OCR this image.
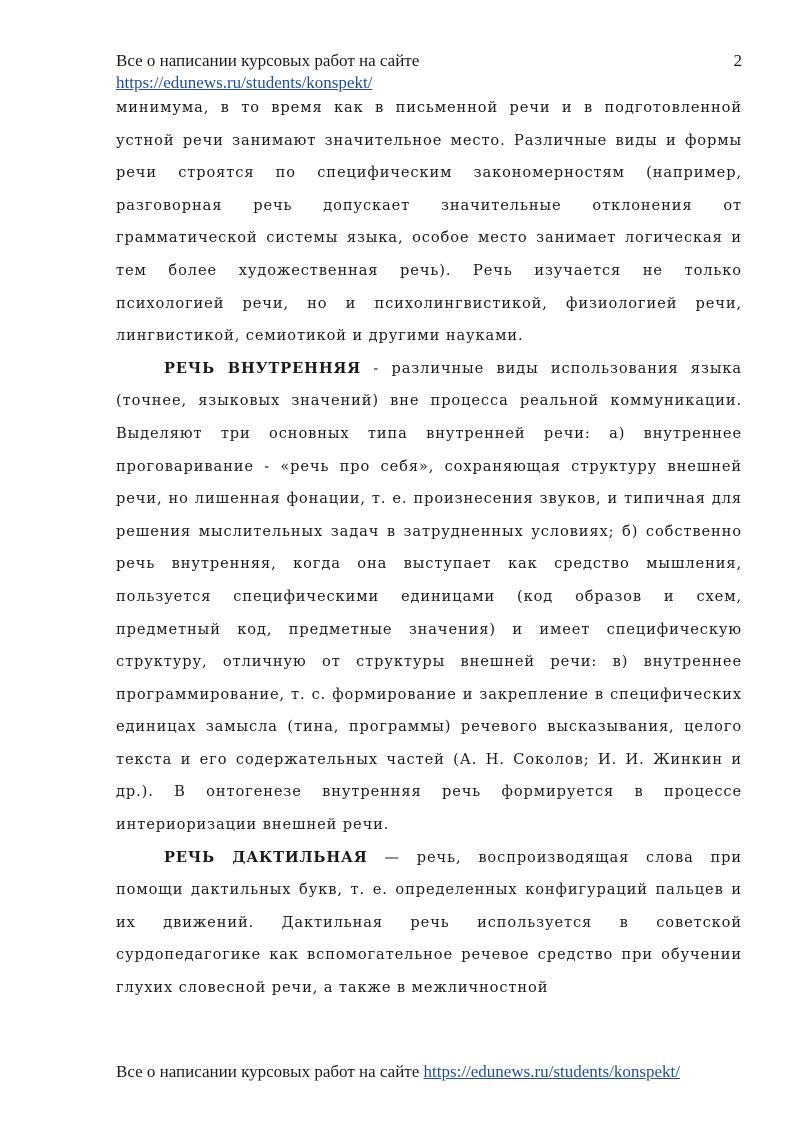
Все о написании курсовых работ на сайте
https://edunews.ru/students/konspekt/
2

минимума, в то время как в письменной речи и в подготовленной устной речи занимают значительное место. Различные виды и формы речи строятся по специфическим закономерностям (например, разговорная речь допускает значительные отклонения от грамматической системы языка, особое место занимает логическая и тем более художественная речь). Речь изучается не только психологией речи, но и психолингвистикой, физиологией речи, лингвистикой, семиотикой и другими науками.

РЕЧЬ ВНУТРЕННЯЯ - различные виды использования языка (точнее, языковых значений) вне процесса реальной коммуникации. Выделяют три основных типа внутренней речи: а) внутреннее проговаривание - «речь про себя», сохраняющая структуру внешней речи, но лишенная фонации, т. е. произнесения звуков, и типичная для решения мыслительных задач в затрудненных условиях; б) собственно речь внутренняя, когда она выступает как средство мышления, пользуется специфическими единицами (код образов и схем, предметный код, предметные значения) и имеет специфическую структуру, отличную от структуры внешней речи: в) внутреннее программирование, т. с. формирование и закрепление в специфических единицах замысла (тина, программы) речевого высказывания, целого текста и его содержательных частей (А. Н. Соколов; И. И. Жинкин и др.). В онтогенезе внутренняя речь формируется в процессе интериоризации внешней речи.

РЕЧЬ ДАКТИЛЬНАЯ — речь, воспроизводящая слова при помощи дактильных букв, т. е. определенных конфигураций пальцев и их движений. Дактильная речь используется в советской сурдопедагогике как вспомогательное речевое средство при обучении глухих словесной речи, а также в межличностной

Все о написании курсовых работ на сайте https://edunews.ru/students/konspekt/
